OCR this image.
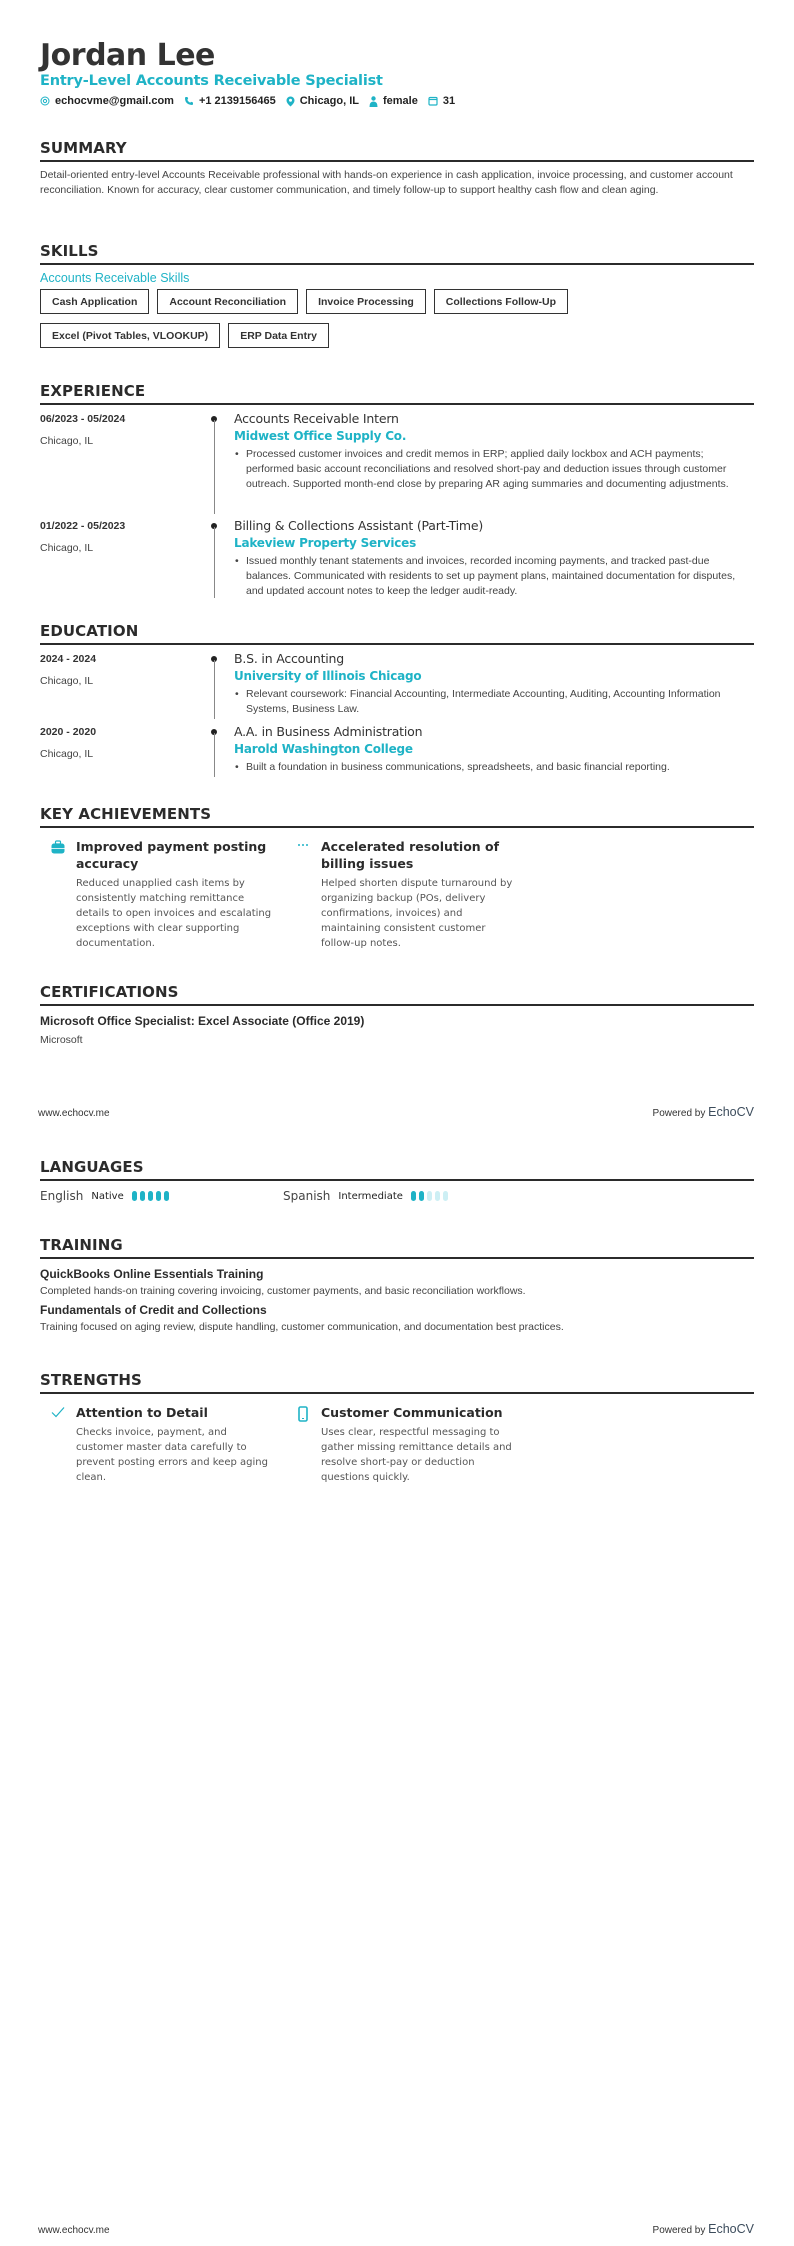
Jordan Lee
Entry-Level Accounts Receivable Specialist
echocvme@gmail.com +1 2139156465 Chicago, IL female 31
SUMMARY

Detail-oriented entry-level Accounts Receivable professional with hands-on experience in cash application, invoice processing, and customer account reconciliation. Known for accuracy, clear customer communication, and timely follow-up to support healthy cash flow and clean aging.

SKILLS
Accounts Receivable Skills
Cash Application	Account Reconciliation	Invoice Processing	Collections Follow-Up
Excel (Pivot Tables, VLOOKUP)	ERP Data Entry
EXPERIENCE
06/2023 - 05/2024
Chicago, IL
Accounts Receivable Intern
Midwest Office Supply Co.
• Processed customer invoices and credit memos in ERP; applied daily lockbox and ACH payments; performed basic account reconciliations and resolved short-pay and deduction issues through customer outreach. Supported month-end close by preparing AR aging summaries and documenting adjustments.
01/2022 - 05/2023
Chicago, IL
Billing & Collections Assistant (Part-Time)
Lakeview Property Services
• Issued monthly tenant statements and invoices, recorded incoming payments, and tracked past-due balances. Communicated with residents to set up payment plans, maintained documentation for disputes, and updated account notes to keep the ledger audit-ready.
EDUCATION
2024 - 2024
Chicago, IL
B.S. in Accounting
University of Illinois Chicago
• Relevant coursework: Financial Accounting, Intermediate Accounting, Auditing, Accounting Information Systems, Business Law.
2020 - 2020
Chicago, IL
A.A. in Business Administration
Harold Washington College
• Built a foundation in business communications, spreadsheets, and basic financial reporting.
KEY ACHIEVEMENTS
Improved payment posting accuracy
Reduced unapplied cash items by consistently matching remittance details to open invoices and escalating exceptions with clear supporting documentation.
Accelerated resolution of billing issues
Helped shorten dispute turnaround by organizing backup (POs, delivery confirmations, invoices) and maintaining consistent customer follow-up notes.
CERTIFICATIONS
Microsoft Office Specialist: Excel Associate (Office 2019)
Microsoft
www.echocv.me	Powered by EchoCV
LANGUAGES
English Native	Spanish Intermediate
TRAINING
QuickBooks Online Essentials Training
Completed hands-on training covering invoicing, customer payments, and basic reconciliation workflows.
Fundamentals of Credit and Collections
Training focused on aging review, dispute handling, customer communication, and documentation best practices.
STRENGTHS
Attention to Detail
Checks invoice, payment, and customer master data carefully to prevent posting errors and keep aging clean.
Customer Communication
Uses clear, respectful messaging to gather missing remittance details and resolve short-pay or deduction questions quickly.
www.echocv.me	Powered by EchoCV
